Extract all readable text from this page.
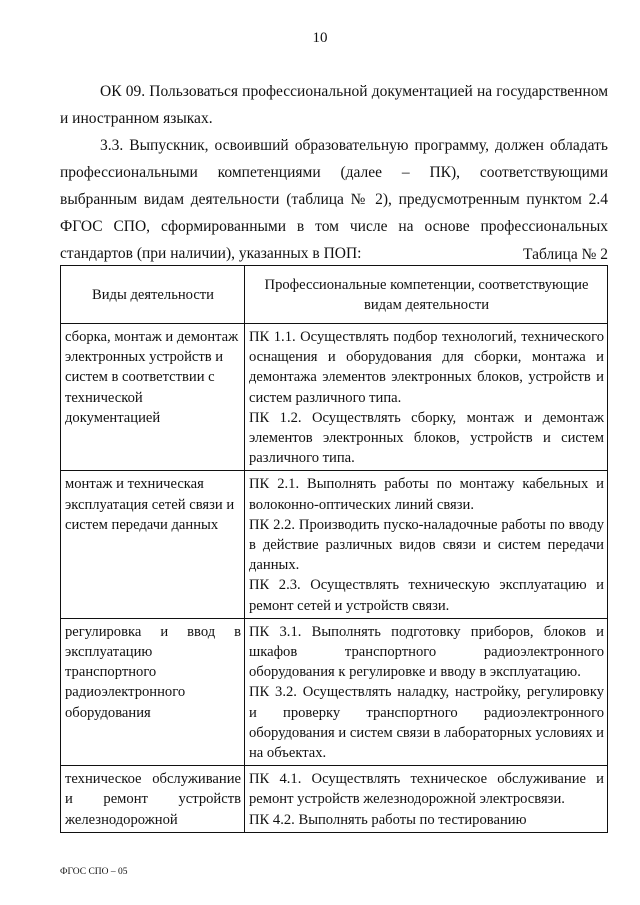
10

ОК 09. Пользоваться профессиональной документацией на государственном и иностранном языках.

3.3. Выпускник, освоивший образовательную программу, должен обладать профессиональными компетенциями (далее – ПК), соответствующими выбранным видам деятельности (таблица № 2), предусмотренным пунктом 2.4 ФГОС СПО, сформированными в том числе на основе профессиональных стандартов (при наличии), указанных в ПОП:	Таблица № 2
Виды деятельности	Профессиональные компетенции, соответствующие видам деятельности
сборка, монтаж и демонтаж электронных устройств и систем в соответствии с технической документацией	ПК 1.1. Осуществлять подбор технологий, технического оснащения и оборудования для сборки, монтажа и демонтажа элементов электронных блоков, устройств и систем различного типа.
ПК 1.2. Осуществлять сборку, монтаж и демонтаж элементов электронных блоков, устройств и систем различного типа.

монтаж и техническая эксплуатация сетей связи и систем передачи данных	ПК 2.1. Выполнять работы по монтажу кабельных и волоконно-оптических линий связи.
ПК 2.2. Производить пуско-наладочные работы по вводу в действие различных видов связи и систем передачи данных.
ПК 2.3. Осуществлять техническую эксплуатацию и ремонт сетей и устройств связи.

регулировка и ввод в эксплуатацию транспортного радиоэлектронного оборудования	ПК 3.1. Выполнять подготовку приборов, блоков и шкафов транспортного радиоэлектронного оборудования к регулировке и вводу в эксплуатацию.
ПК 3.2. Осуществлять наладку, настройку, регулировку и проверку транспортного радиоэлектронного оборудования и систем связи в лабораторных условиях и на объектах.

техническое обслуживание и ремонт устройств железнодорожной	ПК 4.1. Осуществлять техническое обслуживание и ремонт устройств железнодорожной электросвязи.
ПК 4.2. Выполнять работы по тестированию
ФГОС СПО – 05
